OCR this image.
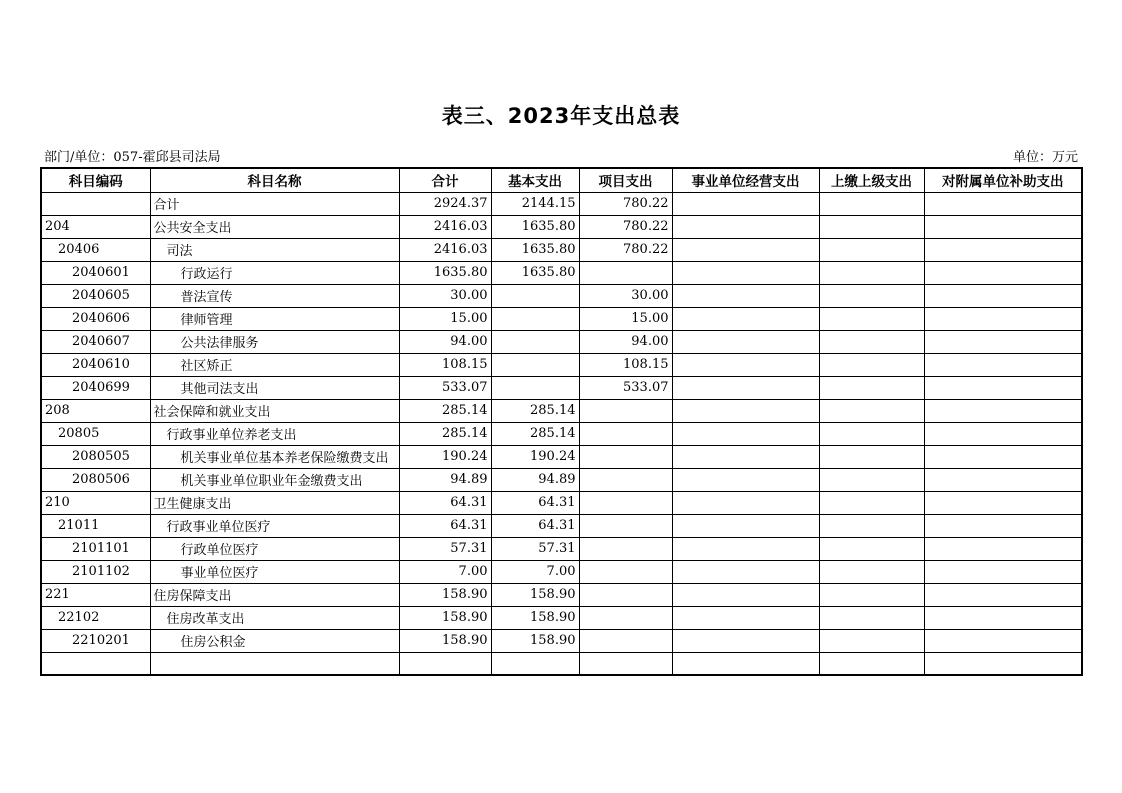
表三、2023年支出总表
部门/单位：057-霍邱县司法局	单位：万元
科目编码	科目名称	合计	基本支出	项目支出	事业单位经营支出	上缴上级支出	对附属单位补助支出
	合计	2924.37	2144.15	780.22			
204	公共安全支出	2416.03	1635.80	780.22			
20406	司法	2416.03	1635.80	780.22			
2040601	行政运行	1635.80	1635.80				
2040605	普法宣传	30.00		30.00			
2040606	律师管理	15.00		15.00			
2040607	公共法律服务	94.00		94.00			
2040610	社区矫正	108.15		108.15			
2040699	其他司法支出	533.07		533.07			
208	社会保障和就业支出	285.14	285.14				
20805	行政事业单位养老支出	285.14	285.14				
2080505	机关事业单位基本养老保险缴费支出	190.24	190.24				
2080506	机关事业单位职业年金缴费支出	94.89	94.89				
210	卫生健康支出	64.31	64.31				
21011	行政事业单位医疗	64.31	64.31				
2101101	行政单位医疗	57.31	57.31				
2101102	事业单位医疗	7.00	7.00				
221	住房保障支出	158.90	158.90				
22102	住房改革支出	158.90	158.90				
2210201	住房公积金	158.90	158.90				
